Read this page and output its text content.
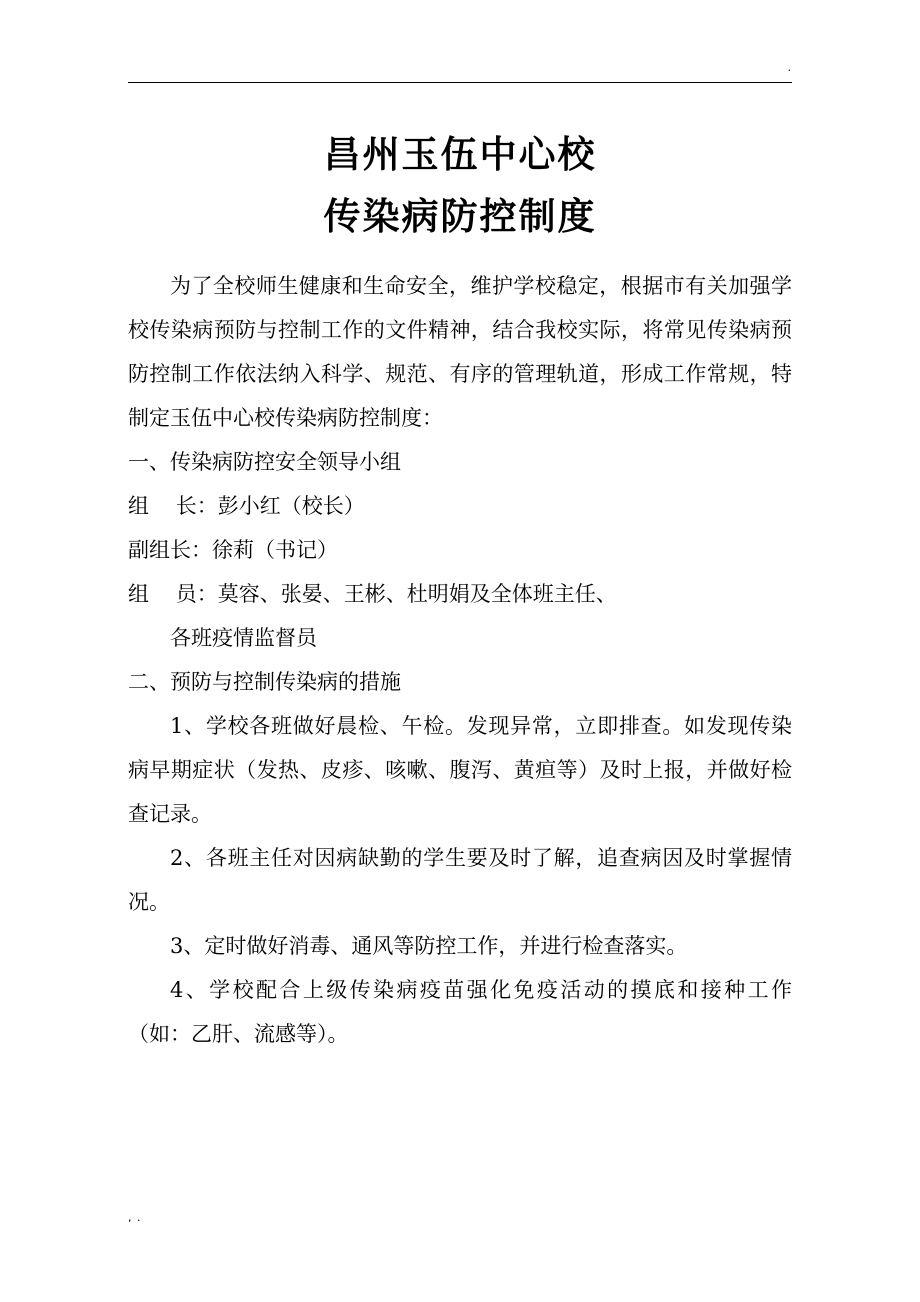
.
昌州玉伍中心校
传染病防控制度

为了全校师生健康和生命安全，维护学校稳定，根据市有关加强学校传染病预防与控制工作的文件精神，结合我校实际，将常见传染病预防控制工作依法纳入科学、规范、有序的管理轨道，形成工作常规，特制定玉伍中心校传染病防控制度：

一、传染病防控安全领导小组

组    长：彭小红（校长）

副组长：徐莉（书记）

组    员：莫容、张晏、王彬、杜明娟及全体班主任、

各班疫情监督员

二、预防与控制传染病的措施

1、学校各班做好晨检、午检。发现异常，立即排查。如发现传染病早期症状（发热、皮疹、咳嗽、腹泻、黄疸等）及时上报，并做好检查记录。

2、各班主任对因病缺勤的学生要及时了解，追查病因及时掌握情况。

3、定时做好消毒、通风等防控工作，并进行检查落实。

4、学校配合上级传染病疫苗强化免疫活动的摸底和接种工作（如：乙肝、流感等）。

, .
